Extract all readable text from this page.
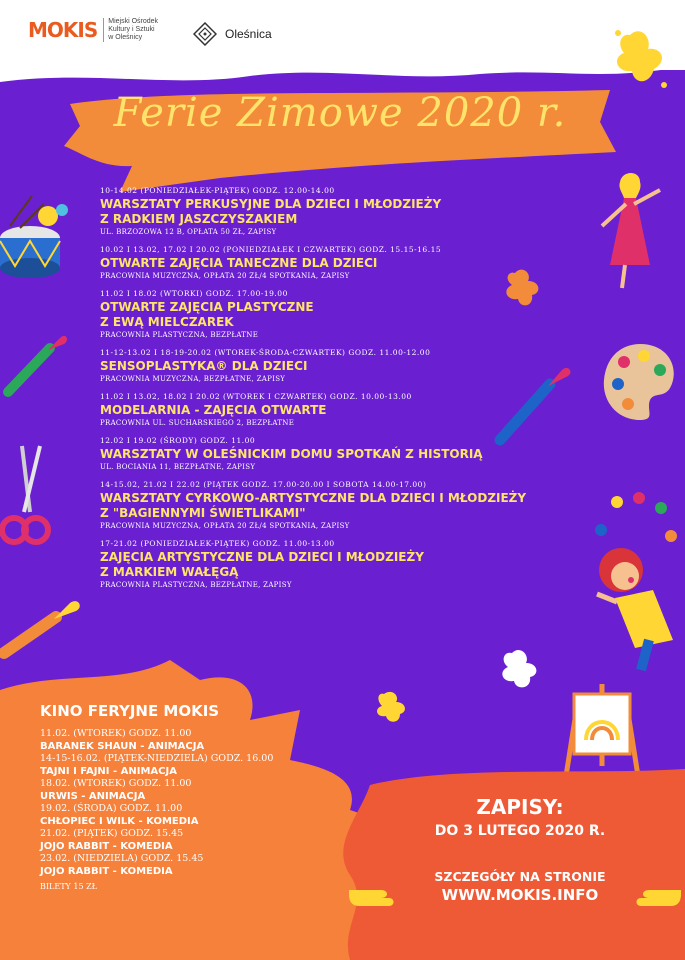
MOKIS Miejski Ośrodek
Kultury i Sztuki
w Oleśnicy	Oleśnica
Ferie Zimowe 2020 r.
10-14.02 (PONIEDZIAŁEK-PIĄTEK) GODZ. 12.00-14.00
WARSZTATY PERKUSYJNE DLA DZIECI I MŁODZIEŻY
Z RADKIEM JASZCZYSZAKIEM
UL. BRZOZOWA 12 B, OPŁATA 50 ZŁ, ZAPISY
10.02 I 13.02, 17.02 I 20.02 (PONIEDZIAŁEK I CZWARTEK) GODZ. 15.15-16.15
OTWARTE ZAJĘCIA TANECZNE DLA DZIECI
PRACOWNIA MUZYCZNA, OPŁATA 20 ZŁ/4 SPOTKANIA, ZAPISY
11.02 I 18.02 (WTORKI) GODZ. 17.00-19.00
OTWARTE ZAJĘCIA PLASTYCZNE
Z EWĄ MIELCZAREK
PRACOWNIA PLASTYCZNA, BEZPŁATNE
11-12-13.02 I 18-19-20.02 (WTOREK-ŚRODA-CZWARTEK) GODZ. 11.00-12.00
SENSOPLASTYKA® DLA DZIECI
PRACOWNIA MUZYCZNA, BEZPŁATNE, ZAPISY
11.02 I 13.02, 18.02 I 20.02 (WTOREK I CZWARTEK) GODZ. 10.00-13.00
MODELARNIA - ZAJĘCIA OTWARTE
PRACOWNIA UL. SUCHARSKIEGO 2, BEZPŁATNE
12.02 I 19.02 (ŚRODY) GODZ. 11.00
WARSZTATY W OLEŚNICKIM DOMU SPOTKAŃ Z HISTORIĄ
UL. BOCIANIA 11, BEZPŁATNE, ZAPISY
14-15.02, 21.02 I 22.02 (PIĄTEK GODZ. 17.00-20.00 I SOBOTA 14.00-17.00)
WARSZTATY CYRKOWO-ARTYSTYCZNE DLA DZIECI I MŁODZIEŻY
Z "BAGIENNYMI ŚWIETLIKAMI"
PRACOWNIA MUZYCZNA, OPŁATA 20 ZŁ/4 SPOTKANIA, ZAPISY
17-21.02 (PONIEDZIAŁEK-PIĄTEK) GODZ. 11.00-13.00
ZAJĘCIA ARTYSTYCZNE DLA DZIECI I MŁODZIEŻY
Z MARKIEM WAŁĘGĄ
PRACOWNIA PLASTYCZNA, BEZPŁATNE, ZAPISY
KINO FERYJNE MOKIS
11.02. (WTOREK) GODZ. 11.00
BARANEK SHAUN - ANIMACJA
14-15-16.02. (PIĄTEK-NIEDZIELA) GODZ. 16.00
TAJNI I FAJNI - ANIMACJA
18.02. (WTOREK) GODZ. 11.00
URWIS - ANIMACJA
19.02. (ŚRODA) GODZ. 11.00
CHŁOPIEC I WILK - KOMEDIA
21.02. (PIĄTEK) GODZ. 15.45
JOJO RABBIT - KOMEDIA
23.02. (NIEDZIELA) GODZ. 15.45
JOJO RABBIT - KOMEDIA
BILETY 15 ZŁ
ZAPISY:
DO 3 LUTEGO 2020 R.
SZCZEGÓŁY NA STRONIE
WWW.MOKIS.INFO
